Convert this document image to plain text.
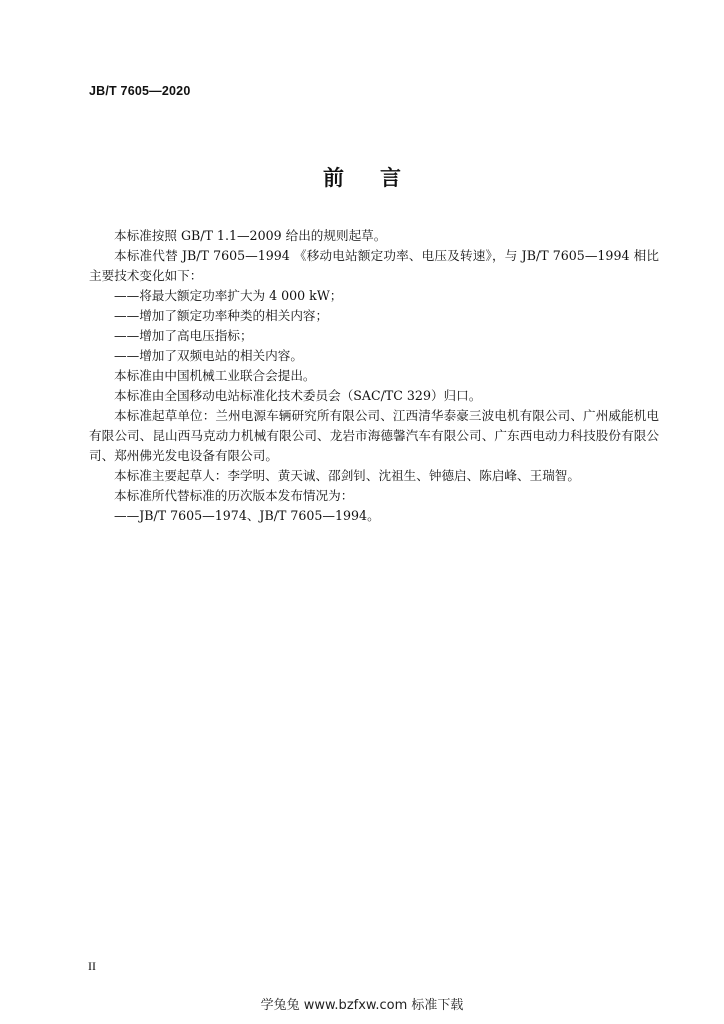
JB/T 7605—2020
前 言

本标准按照 GB/T 1.1—2009 给出的规则起草。

本标准代替 JB/T 7605—1994 《移动电站额定功率、电压及转速》，与 JB/T 7605—1994 相比主要技术变化如下：

——将最大额定功率扩大为 4 000 kW；

——增加了额定功率种类的相关内容；

——增加了高电压指标；

——增加了双频电站的相关内容。

本标准由中国机械工业联合会提出。

本标准由全国移动电站标准化技术委员会（SAC/TC 329）归口。

本标准起草单位：兰州电源车辆研究所有限公司、江西清华泰豪三波电机有限公司、广州威能机电有限公司、昆山西马克动力机械有限公司、龙岩市海德馨汽车有限公司、广东西电动力科技股份有限公司、郑州佛光发电设备有限公司。

本标准主要起草人：李学明、黄天诚、邵剑钊、沈祖生、钟德启、陈启峰、王瑞智。

本标准所代替标准的历次版本发布情况为：

——JB/T 7605—1974、JB/T 7605—1994。

II
学兔兔 www.bzfxw.com 标准下载
